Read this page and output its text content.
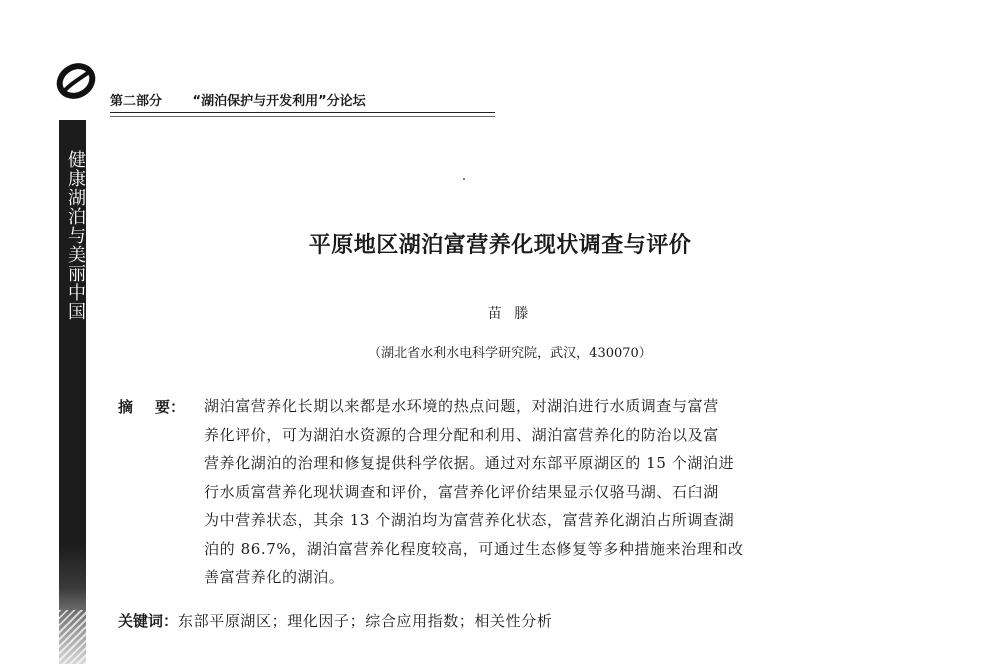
健康湖泊与美丽中国
第二部分 “湖泊保护与开发利用”分论坛
平原地区湖泊富营养化现状调查与评价
苗 滕
（湖北省水利水电科学研究院，武汉，430070）
摘 要： 湖泊富营养化长期以来都是水环境的热点问题，对湖泊进行水质调查与富营
养化评价，可为湖泊水资源的合理分配和利用、湖泊富营养化的防治以及富
营养化湖泊的治理和修复提供科学依据。通过对东部平原湖区的 15 个湖泊进
行水质富营养化现状调查和评价，富营养化评价结果显示仅骆马湖、石臼湖
为中营养状态，其余 13 个湖泊均为富营养化状态，富营养化湖泊占所调查湖
泊的 86.7%，湖泊富营养化程度较高，可通过生态修复等多种措施来治理和改
善富营养化的湖泊。
关键词：东部平原湖区；理化因子；综合应用指数；相关性分析
